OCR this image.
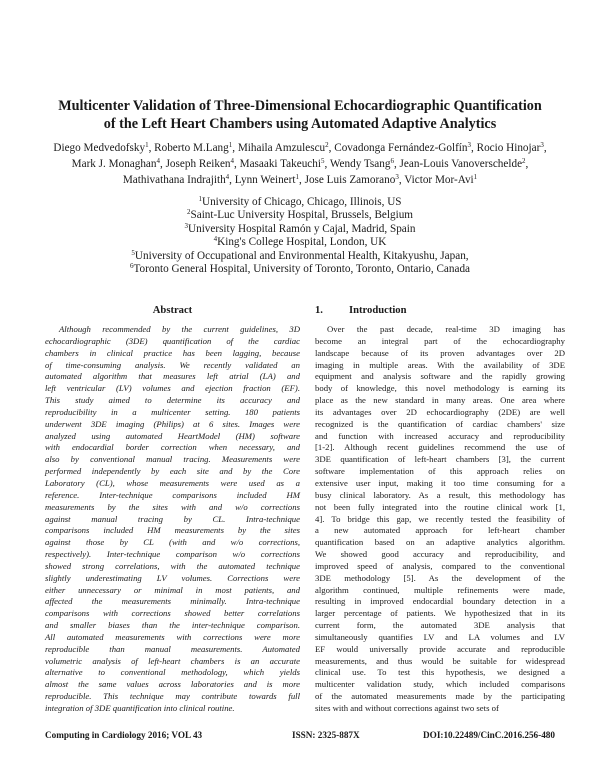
Multicenter Validation of Three-Dimensional Echocardiographic Quantification
of the Left Heart Chambers using Automated Adaptive Analytics
Diego Medvedofsky$^1$, Roberto M.Lang$^1$, Mihaila Amzulescu$^2$, Covadonga Fernández-Golfín$^3$, Rocio Hinojar$^3$,
Mark J. Monaghan$^4$, Joseph Reiken$^4$, Masaaki Takeuchi$^5$, Wendy Tsang$^6$, Jean-Louis Vanoverschelde$^2$,
Mathivathana Indrajith$^4$, Lynn Weinert$^1$, Jose Luis Zamorano$^3$, Victor Mor-Avi$^1$
$^1$University of Chicago, Chicago, Illinois, US
$^2$Saint-Luc University Hospital, Brussels, Belgium
$^3$University Hospital Ramón y Cajal, Madrid, Spain
$^4$King's College Hospital, London, UK
$^5$University of Occupational and Environmental Health, Kitakyushu, Japan,
$^6$Toronto General Hospital, University of Toronto, Toronto, Ontario, Canada
Abstract	1. Introduction
Although recommended by the current guidelines, 3D
echocardiographic (3DE) quantification of the cardiac
chambers in clinical practice has been lagging, because
of time-consuming analysis. We recently validated an
automated algorithm that measures left atrial (LA) and
left ventricular (LV) volumes and ejection fraction (EF).
This study aimed to determine its accuracy and
reproducibility in a multicenter setting. 180 patients
underwent 3DE imaging (Philips) at 6 sites. Images were
analyzed using automated HeartModel (HM) software
with endocardial border correction when necessary, and
also by conventional manual tracing. Measurements were
performed independently by each site and by the Core
Laboratory (CL), whose measurements were used as a
reference. Inter-technique comparisons included HM
measurements by the sites with and w/o corrections
against manual tracing by CL. Intra-technique
comparisons included HM measurements by the sites
against those by CL (with and w/o corrections,
respectively). Inter-technique comparison w/o corrections
showed strong correlations, with the automated technique
slightly underestimating LV volumes. Corrections were
either unnecessary or minimal in most patients, and
affected the measurements minimally. Intra-technique
comparisons with corrections showed better correlations
and smaller biases than the inter-technique comparison.
All automated measurements with corrections were more
reproducible than manual measurements. Automated
volumetric analysis of left-heart chambers is an accurate
alternative to conventional methodology, which yields
almost the same values across laboratories and is more
reproducible. This technique may contribute towards full
integration of 3DE quantification into clinical routine.
Over the past decade, real-time 3D imaging has
become an integral part of the echocardiography
landscape because of its proven advantages over 2D
imaging in multiple areas. With the availability of 3DE
equipment and analysis software and the rapidly growing
body of knowledge, this novel methodology is earning its
place as the new standard in many areas. One area where
its advantages over 2D echocardiography (2DE) are well
recognized is the quantification of cardiac chambers' size
and function with increased accuracy and reproducibility
[1-2]. Although recent guidelines recommend the use of
3DE quantification of left-heart chambers [3], the current
software implementation of this approach relies on
extensive user input, making it too time consuming for a
busy clinical laboratory. As a result, this methodology has
not been fully integrated into the routine clinical work [1,
4]. To bridge this gap, we recently tested the feasibility of
a new automated approach for left-heart chamber
quantification based on an adaptive analytics algorithm.
We showed good accuracy and reproducibility, and
improved speed of analysis, compared to the conventional
3DE methodology [5]. As the development of the
algorithm continued, multiple refinements were made,
resulting in improved endocardial boundary detection in a
larger percentage of patients. We hypothesized that in its
current form, the automated 3DE analysis that
simultaneously quantifies LV and LA volumes and LV
EF would universally provide accurate and reproducible
measurements, and thus would be suitable for widespread
clinical use. To test this hypothesis, we designed a
multicenter validation study, which included comparisons
of the automated measurements made by the participating
sites with and without corrections against two sets of
Computing in Cardiology 2016; VOL 43	ISSN: 2325-887X	DOI:10.22489/CinC.2016.256-480
